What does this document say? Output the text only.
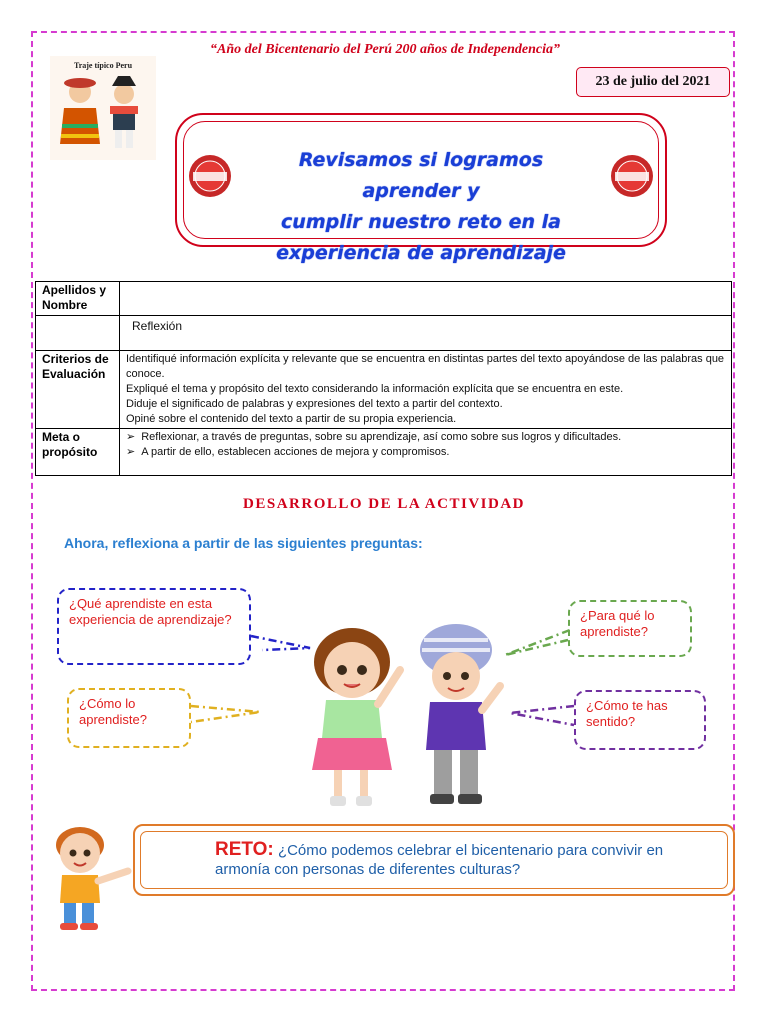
“Año del Bicentenario del Perú 200 años de Independencia”
Traje típico Peru
23 de julio del 2021
Revisamos si logramos aprender y
cumplir nuestro reto en la
experiencia de aprendizaje
Apellidos y Nombre	

	Reflexión

Criterios de Evaluación	Identifiqué información explícita y relevante que se encuentra en distintas partes del texto apoyándose de las palabras que conoce.
Expliqué el tema y propósito del texto considerando la información explícita que se encuentra en este.
Diduje el significado de palabras y expresiones del texto a partir del contexto.
Opiné sobre el contenido del texto a partir de su propia experiencia.

Meta o propósito	➢ Reflexionar, a través de preguntas, sobre su aprendizaje, así como sobre sus logros y dificultades.
➢ A partir de ello, establecen acciones de mejora y compromisos.
DESARROLLO DE LA ACTIVIDAD
Ahora, reflexiona a partir de las siguientes preguntas:
¿Qué aprendiste en esta experiencia de aprendizaje?	¿Para qué lo aprendiste?
¿Cómo lo aprendiste?
¿Cómo te has sentido?
RETO: ¿Cómo podemos celebrar el bicentenario para convivir en armonía con personas de diferentes culturas?
